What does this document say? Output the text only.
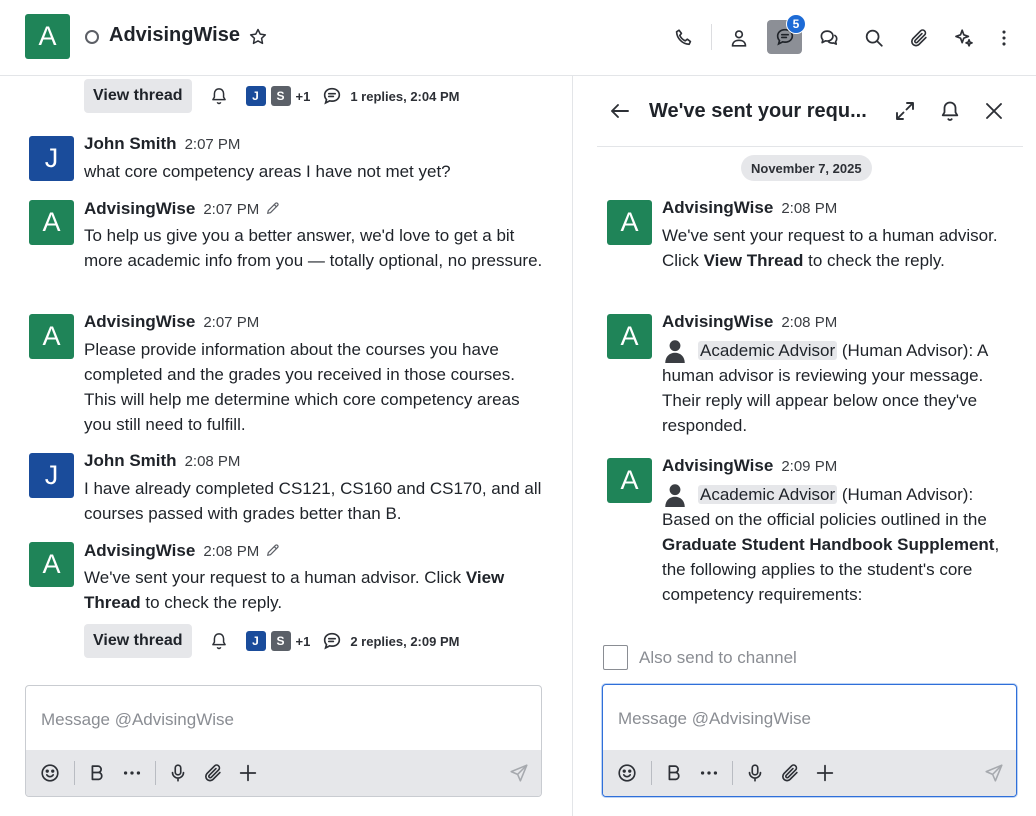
A	AdvisingWise	5
View thread	J	S +1	1 replies, 2:04 PM
J	John Smith 2:07 PM
what core competency areas I have not met yet?
A	AdvisingWise 2:07 PM
To help us give you a better answer, we'd love to get a bit more academic info from you — totally optional, no pressure.
A	AdvisingWise 2:07 PM
Please provide information about the courses you have completed and the grades you received in those courses. This will help me determine which core competency areas you still need to fulfill.
J	John Smith 2:08 PM
I have already completed CS121, CS160 and CS170, and all courses passed with grades better than B.
A	AdvisingWise 2:08 PM
We've sent your request to a human advisor. Click View Thread to check the reply.
View thread	J	S +1	2 replies, 2:09 PM
Message @AdvisingWise
We've sent your requ...
November 7, 2025
A	AdvisingWise 2:08 PM
We've sent your request to a human advisor. Click View Thread to check the reply.
A	AdvisingWise 2:08 PM
Academic Advisor (Human Advisor): A human advisor is reviewing your message. Their reply will appear below once they've responded.
A	AdvisingWise 2:09 PM
Academic Advisor (Human Advisor): Based on the official policies outlined in the Graduate Student Handbook Supplement, the following applies to the student's core competency requirements:
Also send to channel
Message @AdvisingWise
